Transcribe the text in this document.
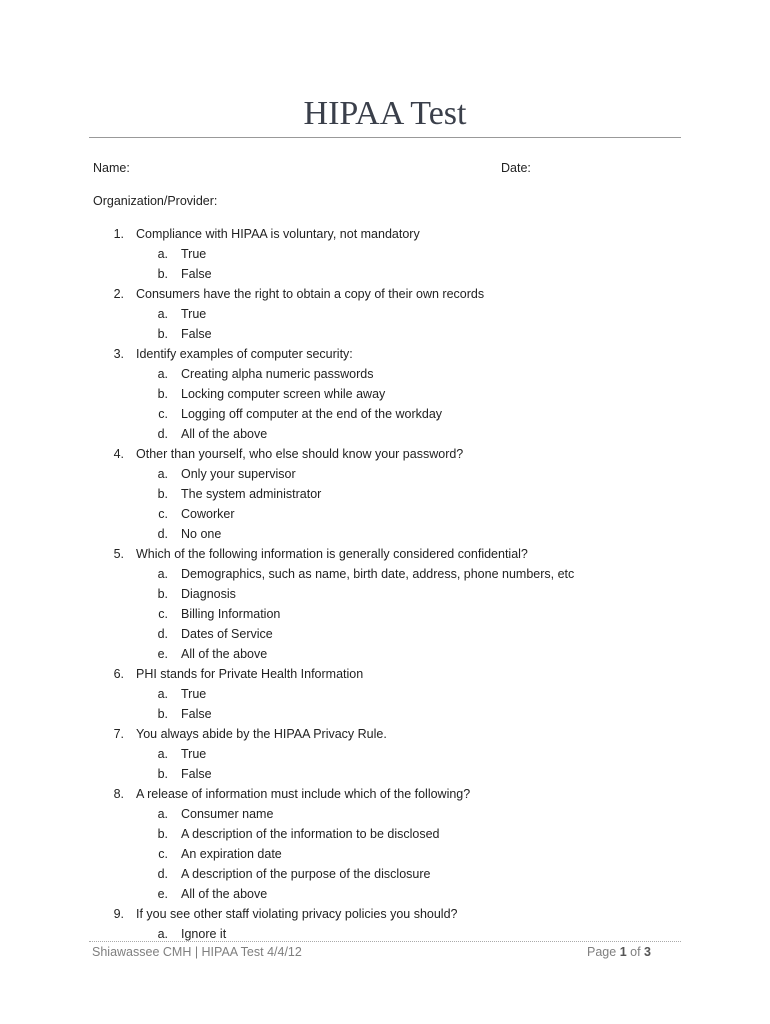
HIPAA Test
Name:	Date:
Organization/Provider:
1. Compliance with HIPAA is voluntary, not mandatory
a. True
b. False
2. Consumers have the right to obtain a copy of their own records
a. True
b. False
3. Identify examples of computer security:
a. Creating alpha numeric passwords
b. Locking computer screen while away
c. Logging off computer at the end of the workday
d. All of the above
4. Other than yourself, who else should know your password?
a. Only your supervisor
b. The system administrator
c. Coworker
d. No one
5. Which of the following information is generally considered confidential?
a. Demographics, such as name, birth date, address, phone numbers, etc
b. Diagnosis
c. Billing Information
d. Dates of Service
e. All of the above
6. PHI stands for Private Health Information
a. True
b. False
7. You always abide by the HIPAA Privacy Rule.
a. True
b. False
8. A release of information must include which of the following?
a. Consumer name
b. A description of the information to be disclosed
c. An expiration date
d. A description of the purpose of the disclosure
e. All of the above
9. If you see other staff violating privacy policies you should?
a. Ignore it
Shiawassee CMH | HIPAA Test 4/4/12	Page 1 of 3
